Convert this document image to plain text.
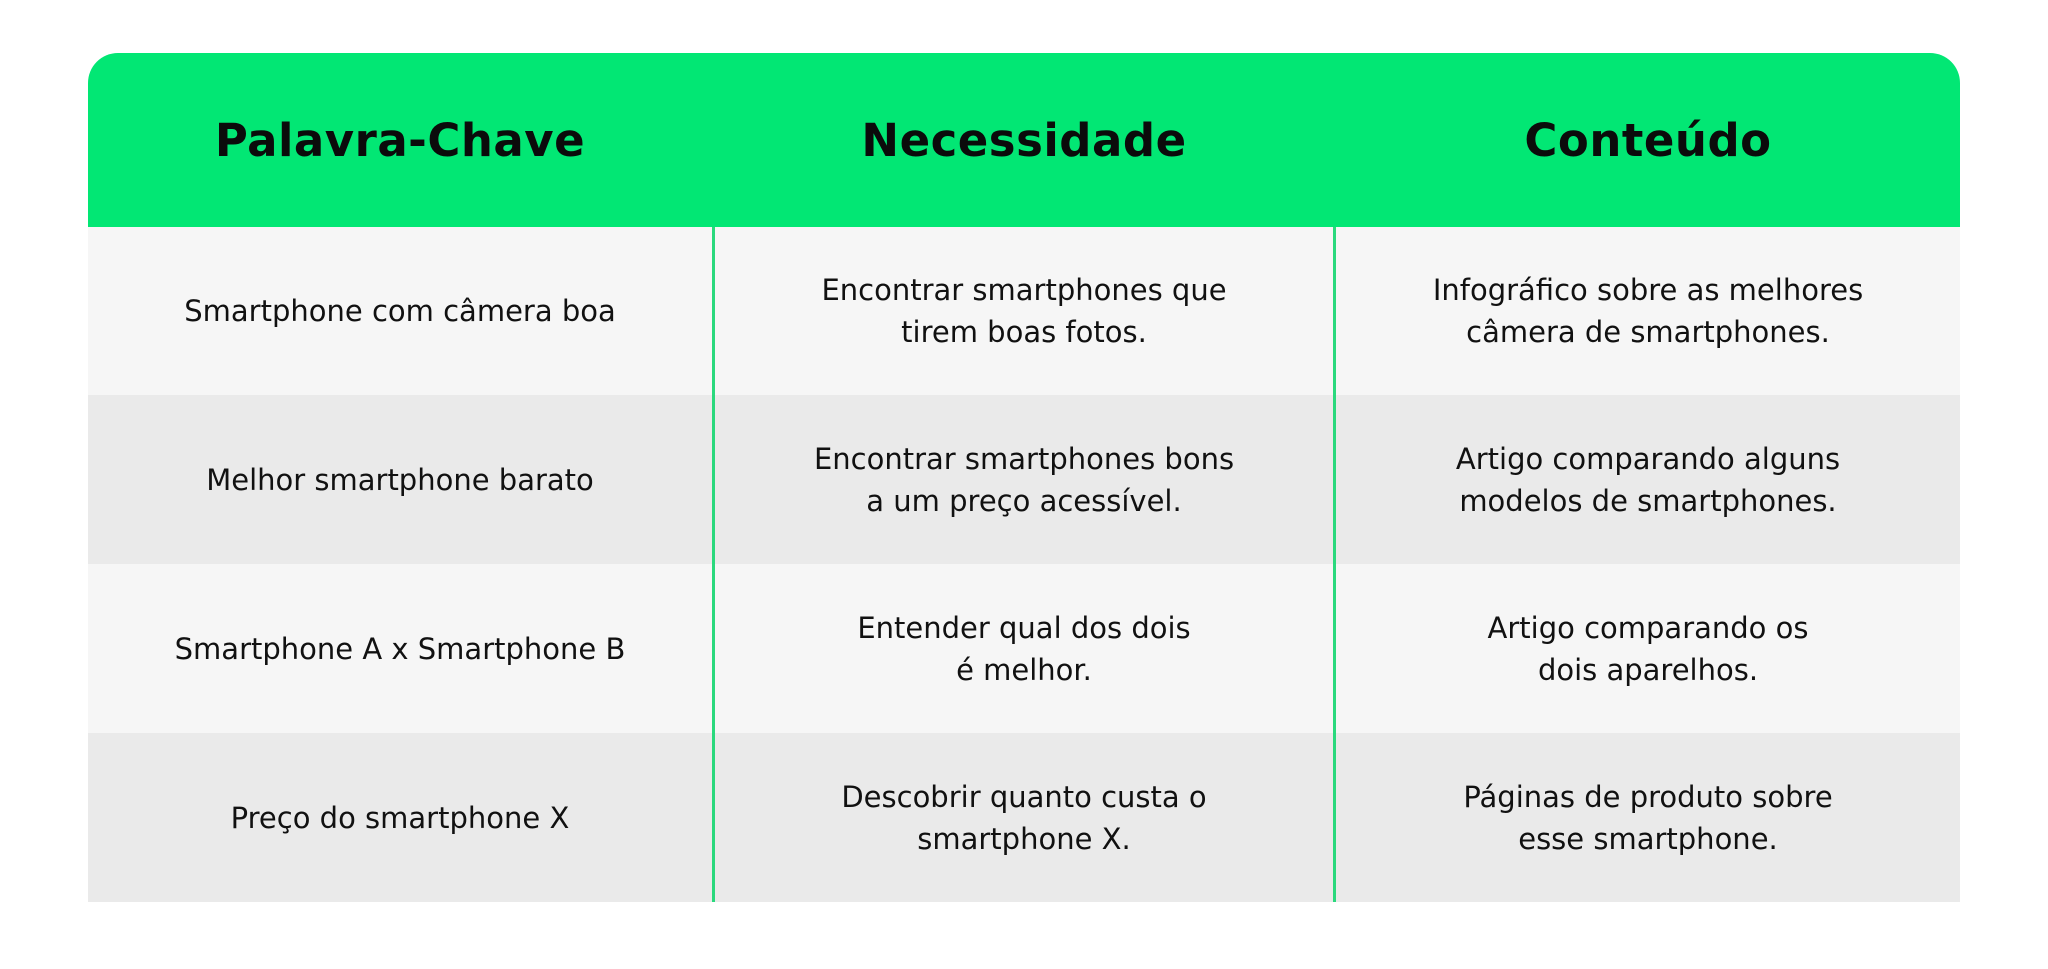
Palavra-Chave	Necessidade	Conteúdo
Smartphone com câmera boa
Encontrar smartphones que
tirem boas fotos.
Infográfico sobre as melhores
câmera de smartphones.
Melhor smartphone barato
Encontrar smartphones bons
a um preço acessível.
Artigo comparando alguns
modelos de smartphones.
Smartphone A x Smartphone B
Entender qual dos dois
é melhor.
Artigo comparando os
dois aparelhos.
Preço do smartphone X
Descobrir quanto custa o
smartphone X.
Páginas de produto sobre
esse smartphone.
